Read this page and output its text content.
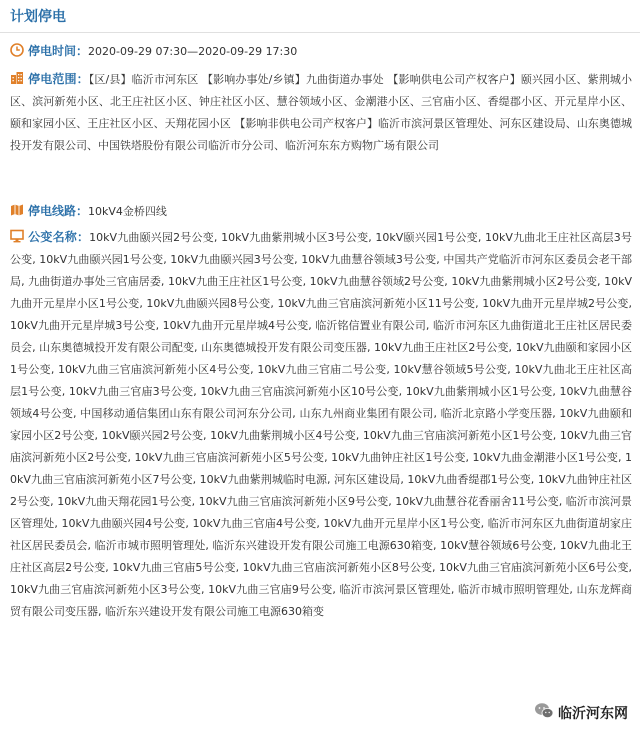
计划停电
停电时间：2020-09-29 07:30—2020-09-29 17:30
停电范围：【区/县】临沂市河东区 【影响办事处/乡镇】九曲街道办事处 【影响供电公司产权客户】颐兴园小区、紫荆城小区、滨河新苑小区、北王庄社区小区、钟庄社区小区、慧谷领域小区、金潮港小区、三官庙小区、香缇郡小区、开元星岸小区、颐和家园小区、王庄社区小区、天翔花园小区 【影响非供电公司产权客户】临沂市滨河景区管理处、河东区建设局、山东奥德城投开发有限公司、中国铁塔股份有限公司临沂市分公司、临沂河东东方购物广场有限公司
停电线路：10kV4金桥四线
公变名称：10kV九曲颐兴园2号公变, 10kV九曲紫荆城小区3号公变, 10kV颐兴园1号公变, 10kV九曲北王庄社区高层3号公变, 10kV九曲颐兴园1号公变, 10kV九曲颐兴园3号公变, 10kV九曲慧谷领域3号公变, 中国共产党临沂市河东区委员会老干部局, 九曲街道办事处三官庙居委, 10kV九曲王庄社区1号公变, 10kV九曲慧谷领域2号公变, 10kV九曲紫荆城小区2号公变, 10kV九曲开元星岸小区1号公变, 10kV九曲颐兴园8号公变, 10kV九曲三官庙滨河新苑小区11号公变, 10kV九曲开元星岸城2号公变, 10kV九曲开元星岸城3号公变, 10kV九曲开元星岸城4号公变, 临沂铭信置业有限公司, 临沂市河东区九曲街道北王庄社区居民委员会, 山东奥德城投开发有限公司配变, 山东奥德城投开发有限公司变压器, 10kV九曲王庄社区2号公变, 10kV九曲颐和家园小区1号公变, 10kV九曲三官庙滨河新苑小区4号公变, 10kV九曲三官庙二号公变, 10kV慧谷领域5号公变, 10kV九曲北王庄社区高层1号公变, 10kV九曲三官庙3号公变, 10kV九曲三官庙滨河新苑小区10号公变, 10kV九曲紫荆城小区1号公变, 10kV九曲慧谷领域4号公变, 中国移动通信集团山东有限公司河东分公司, 山东九州商业集团有限公司, 临沂北京路小学变压器, 10kV九曲颐和家园小区2号公变, 10kV颐兴园2号公变, 10kV九曲紫荆城小区4号公变, 10kV九曲三官庙滨河新苑小区1号公变, 10kV九曲三官庙滨河新苑小区2号公变, 10kV九曲三官庙滨河新苑小区5号公变, 10kV九曲钟庄社区1号公变, 10kV九曲金潮港小区1号公变, 10kV九曲三官庙滨河新苑小区7号公变, 10kV九曲紫荆城临时电源, 河东区建设局, 10kV九曲香缇郡1号公变, 10kV九曲钟庄社区2号公变, 10kV九曲天翔花园1号公变, 10kV九曲三官庙滨河新苑小区9号公变, 10kV九曲慧谷花香丽舍11号公变, 临沂市滨河景区管理处, 10kV九曲颐兴园4号公变, 10kV九曲三官庙4号公变, 10kV九曲开元星岸小区1号公变, 临沂市河东区九曲街道胡家庄社区居民委员会, 临沂市城市照明管理处, 临沂东兴建设开发有限公司施工电源630箱变, 10kV慧谷领域6号公变, 10kV九曲北王庄社区高层2号公变, 10kV九曲三官庙5号公变, 10kV九曲三官庙滨河新苑小区8号公变, 10kV九曲三官庙滨河新苑小区6号公变, 10kV九曲三官庙滨河新苑小区3号公变, 10kV九曲三官庙9号公变, 临沂市滨河景区管理处, 临沂市城市照明管理处, 山东龙辉商贸有限公司变压器, 临沂东兴建设开发有限公司施工电源630箱变
临沂河东网
